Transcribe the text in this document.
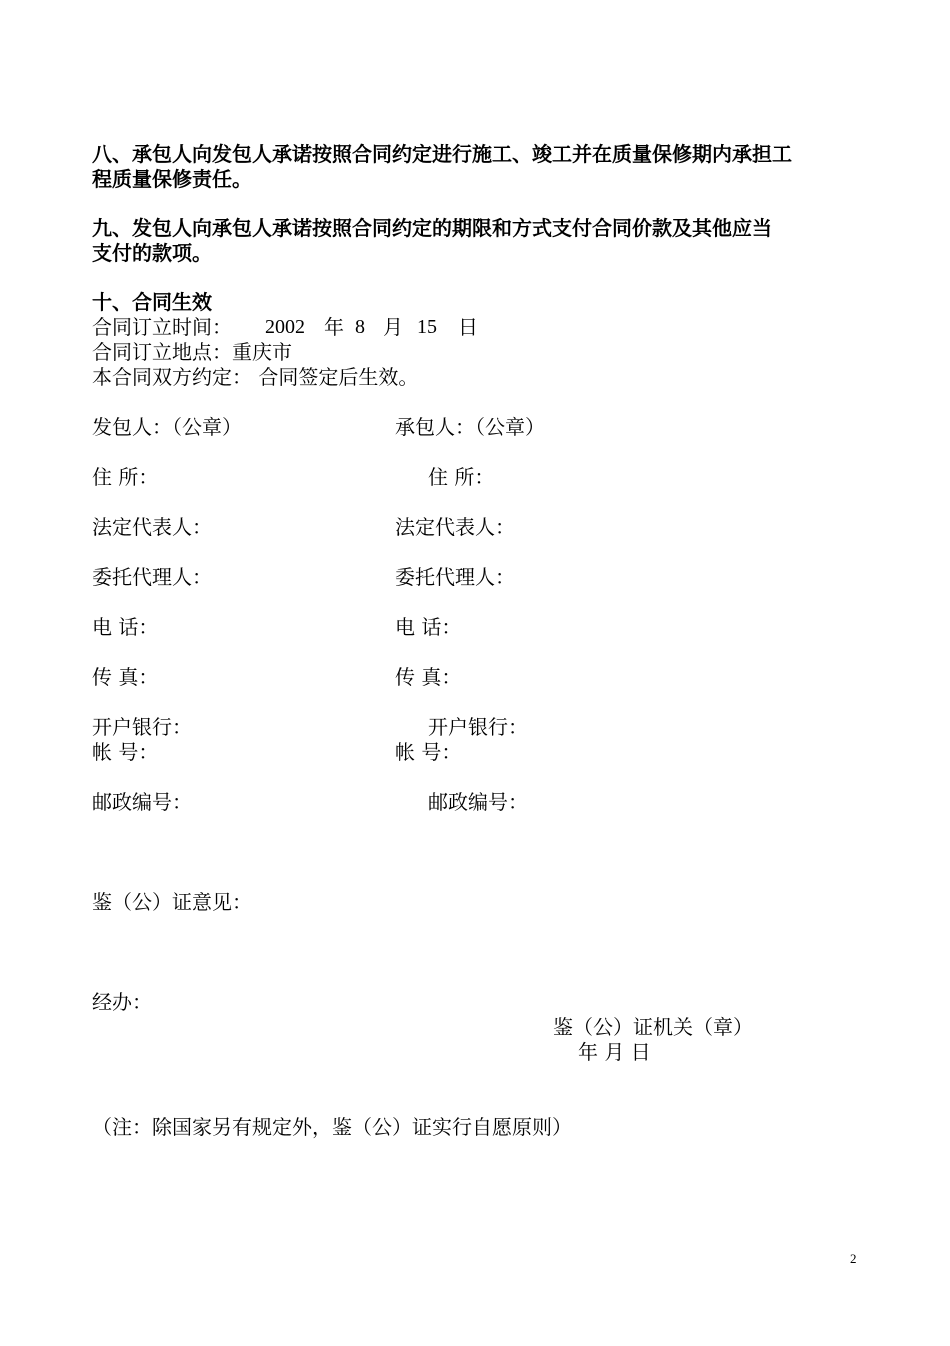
八、承包人向发包人承诺按照合同约定进行施工、竣工并在质量保修期内承担工
程质量保修责任。
九、发包人向承包人承诺按照合同约定的期限和方式支付合同价款及其他应当
支付的款项。
十、合同生效
合同订立时间： 2002 年 8 月 15 日
合同订立地点：重庆市
本合同双方约定： 合同签定后生效。
发包人：（公章）
住 所：
法定代表人：
委托代理人：
电 话：
传 真：
开户银行：
帐 号：
邮政编号：
承包人：（公章）
住 所：
法定代表人：
委托代理人：
电 话：
传 真：
开户银行：
帐 号：
邮政编号：
鉴（公）证意见：
经办：
鉴（公）证机关（章）
年 月 日
（注：除国家另有规定外，鉴（公）证实行自愿原则）
2
